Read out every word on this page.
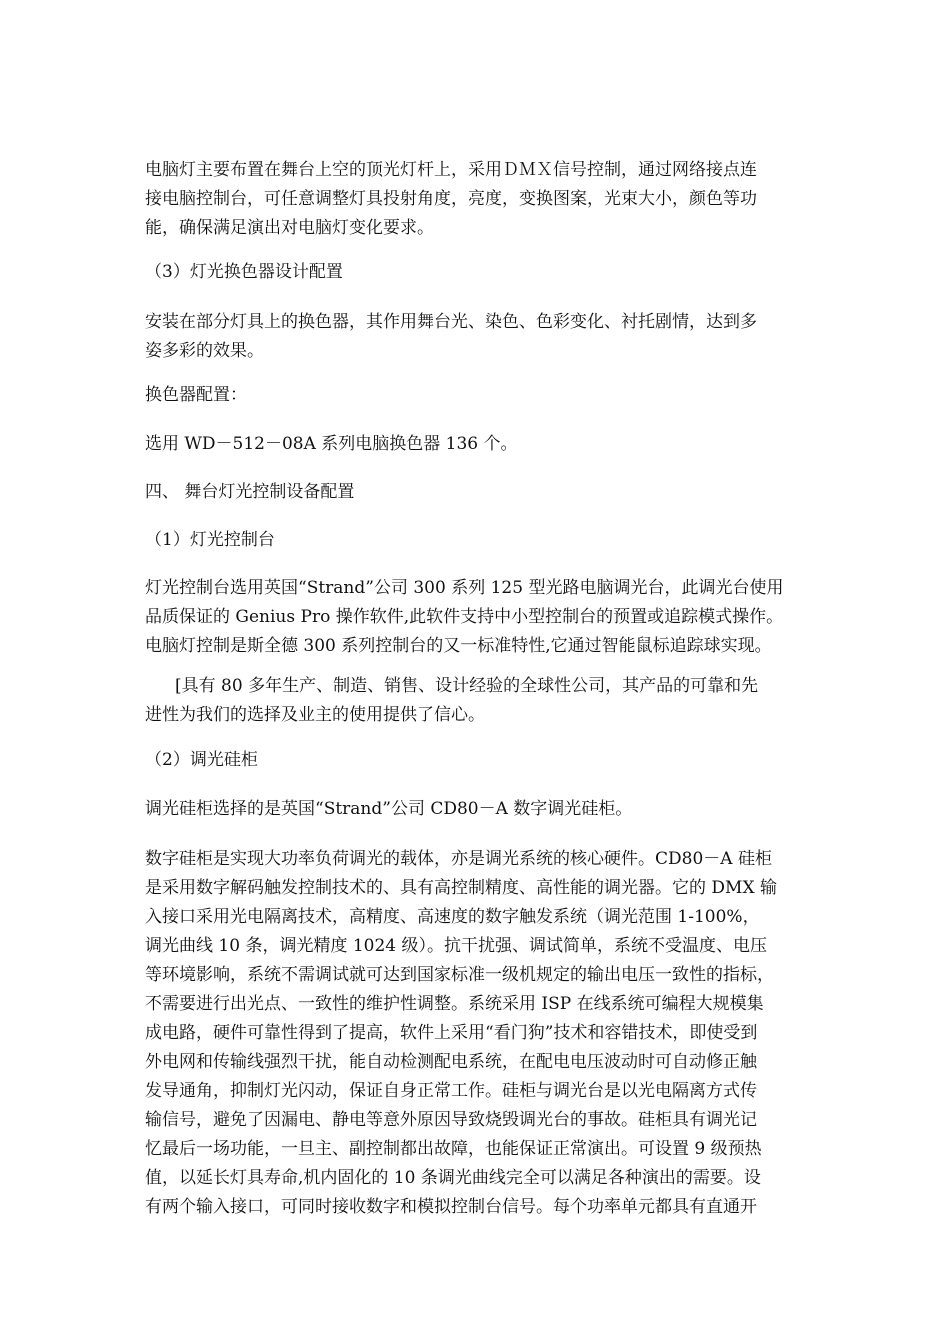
电脑灯主要布置在舞台上空的顶光灯杆上，采用ＤＭＸ信号控制，通过网络接点连
接电脑控制台，可任意调整灯具投射角度，亮度，变换图案，光束大小，颜色等功
能，确保满足演出对电脑灯变化要求。

（3）灯光换色器设计配置

安装在部分灯具上的换色器，其作用舞台光、染色、色彩变化、衬托剧情，达到多
姿多彩的效果。

换色器配置：

选用 WD－512－08A 系列电脑换色器 136 个。

四、 舞台灯光控制设备配置

（1）灯光控制台

灯光控制台选用英国“Strand”公司 300 系列 125 型光路电脑调光台，此调光台使用
品质保证的 Genius Pro 操作软件,此软件支持中小型控制台的预置或追踪模式操作。
电脑灯控制是斯全德 300 系列控制台的又一标准特性,它通过智能鼠标追踪球实现。

[具有 80 多年生产、制造、销售、设计经验的全球性公司，其产品的可靠和先
进性为我们的选择及业主的使用提供了信心。

（2）调光硅柜

调光硅柜选择的是英国“Strand”公司 CD80－A 数字调光硅柜。

数字硅柜是实现大功率负荷调光的载体，亦是调光系统的核心硬件。CD80－A 硅柜
是采用数字解码触发控制技术的、具有高控制精度、高性能的调光器。它的 DMX 输
入接口采用光电隔离技术，高精度、高速度的数字触发系统（调光范围 1-100%，
调光曲线 10 条，调光精度 1024 级）。抗干扰强、调试简单，系统不受温度、电压
等环境影响，系统不需调试就可达到国家标准一级机规定的输出电压一致性的指标，
不需要进行出光点、一致性的维护性调整。系统采用 ISP 在线系统可编程大规模集
成电路，硬件可靠性得到了提高，软件上采用“看门狗”技术和容错技术，即使受到
外电网和传输线强烈干扰，能自动检测配电系统，在配电电压波动时可自动修正触
发导通角，抑制灯光闪动，保证自身正常工作。硅柜与调光台是以光电隔离方式传
输信号，避免了因漏电、静电等意外原因导致烧毁调光台的事故。硅柜具有调光记
忆最后一场功能，一旦主、副控制都出故障，也能保证正常演出。可设置 9 级预热
值，以延长灯具寿命,机内固化的 10 条调光曲线完全可以满足各种演出的需要。设
有两个输入接口，可同时接收数字和模拟控制台信号。每个功率单元都具有直通开
